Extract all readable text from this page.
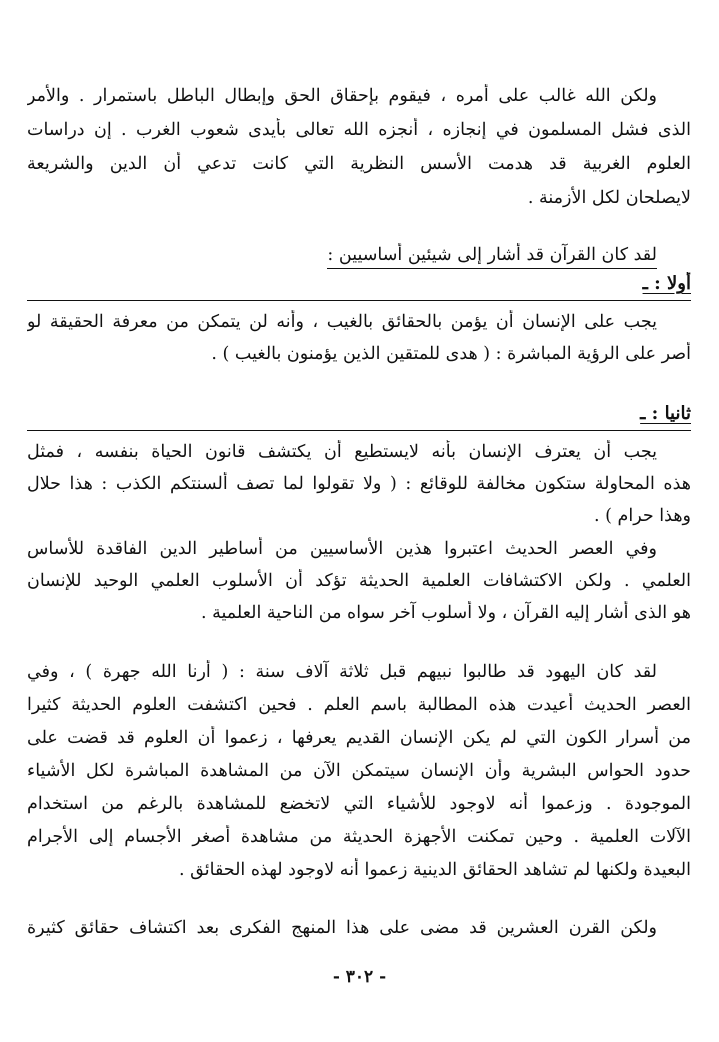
ولكن الله غالب على أمره ، فيقوم بإحقاق الحق وإبطال الباطل باستمرار . والأمر
الذى فشل المسلمون في إنجازه ، أنجزه الله تعالى بأيدى شعوب الغرب . إن دراسات
العلوم الغربية قد هدمت الأسس النظرية التي كانت تدعي أن الدين والشريعة
لايصلحان لكل الأزمنة .
لقد كان القرآن قد أشار إلى شيئين أساسيين :
أولا : ـ
يجب على الإنسان أن يؤمن بالحقائق بالغيب ، وأنه لن يتمكن من معرفة الحقيقة لو
أصر على الرؤية المباشرة : ( هدى للمتقين الذين يؤمنون بالغيب ) .
ثانيا : ـ
يجب أن يعترف الإنسان بأنه لايستطيع أن يكتشف قانون الحياة بنفسه ، فمثل
هذه المحاولة ستكون مخالفة للوقائع : ( ولا تقولوا لما تصف ألسنتكم الكذب : هذا حلال
وهذا حرام ) .
وفي العصر الحديث اعتبروا هذين الأساسيين من أساطير الدين الفاقدة للأساس
العلمي . ولكن الاكتشافات العلمية الحديثة تؤكد أن الأسلوب العلمي الوحيد للإنسان
هو الذى أشار إليه القرآن ، ولا أسلوب آخر سواه من الناحية العلمية .
لقد كان اليهود قد طالبوا نبيهم قبل ثلاثة آلاف سنة : ( أرنا الله جهرة ) ، وفي
العصر الحديث أعيدت هذه المطالبة باسم العلم . فحين اكتشفت العلوم الحديثة كثيرا
من أسرار الكون التي لم يكن الإنسان القديم يعرفها ، زعموا أن العلوم قد قضت على
حدود الحواس البشرية وأن الإنسان سيتمكن الآن من المشاهدة المباشرة لكل الأشياء
الموجودة . وزعموا أنه لاوجود للأشياء التي لاتخضع للمشاهدة بالرغم من استخدام
الآلات العلمية . وحين تمكنت الأجهزة الحديثة من مشاهدة أصغر الأجسام إلى الأجرام
البعيدة ولكنها لم تشاهد الحقائق الدينية زعموا أنه لاوجود لهذه الحقائق .
ولكن القرن العشرين قد مضى على هذا المنهج الفكرى بعد اكتشاف حقائق كثيرة
- ٣٠٢ -
